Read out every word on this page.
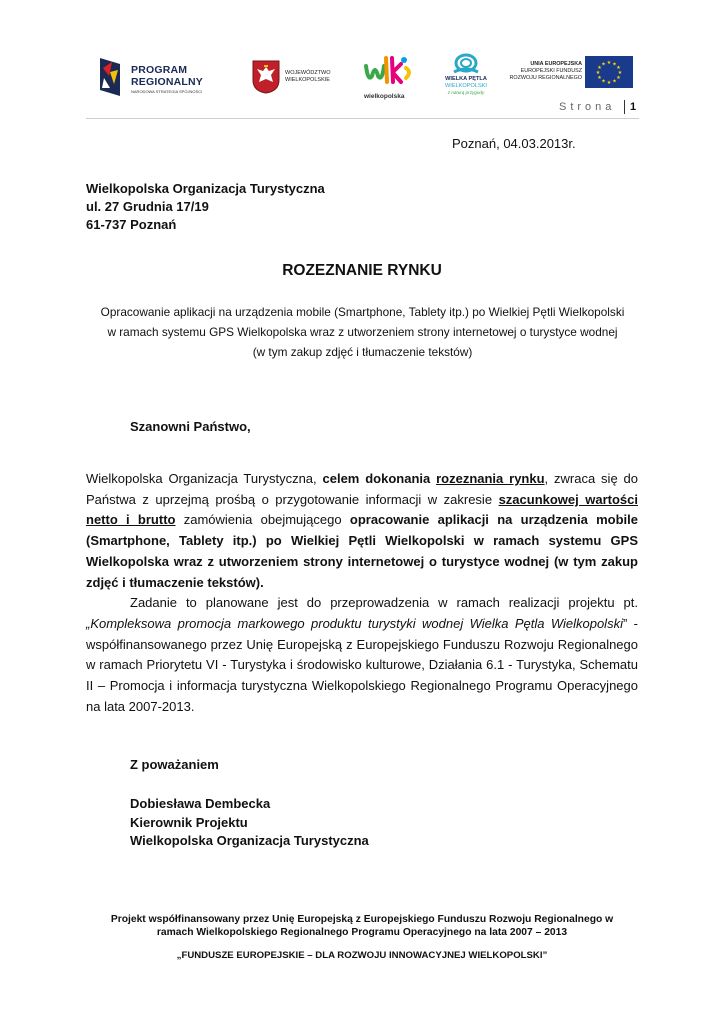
PROGRAM
REGIONALNY
NARODOWA STRATEGIA SPÓJNOŚCI
WOJEWÓDZTWO
WIELKOPOLSKIE
wielkopolska
WIELKA PĘTLA
WIELKOPOLSKI
z naturą przygody
UNIA EUROPEJSKA
EUROPEJSKI FUNDUSZ
ROZWOJU REGIONALNEGO
★ ★
★
★
★
★
★
★
★
★
★
★
Strona 1
Poznań, 04.03.2013r.
Wielkopolska Organizacja Turystyczna
ul. 27 Grudnia 17/19
61-737 Poznań
ROZEZNANIE RYNKU
Opracowanie aplikacji na urządzenia mobile (Smartphone, Tablety itp.) po Wielkiej Pętli Wielkopolski
w ramach systemu GPS Wielkopolska wraz z utworzeniem strony internetowej o turystyce wodnej
(w tym zakup zdjęć i tłumaczenie tekstów)
Szanowni Państwo,
Wielkopolska Organizacja Turystyczna, celem dokonania rozeznania rynku, zwraca się do Państwa z uprzejmą prośbą o przygotowanie informacji w zakresie szacunkowej wartości netto i brutto zamówienia obejmującego opracowanie aplikacji na urządzenia mobile (Smartphone, Tablety itp.) po Wielkiej Pętli Wielkopolski w ramach systemu GPS Wielkopolska wraz z utworzeniem strony internetowej o turystyce wodnej (w tym zakup zdjęć i tłumaczenie tekstów).
Zadanie to planowane jest do przeprowadzenia w ramach realizacji projektu pt. „Kompleksowa promocja markowego produktu turystyki wodnej Wielka Pętla Wielkopolski” - współfinansowanego przez Unię Europejską z Europejskiego Funduszu Rozwoju Regionalnego w ramach Priorytetu VI - Turystyka i środowisko kulturowe, Działania 6.1 - Turystyka, Schematu II – Promocja i informacja turystyczna Wielkopolskiego Regionalnego Programu Operacyjnego na lata 2007-2013.
Z poważaniem
Dobiesława Dembecka
Kierownik Projektu
Wielkopolska Organizacja Turystyczna
Projekt współfinansowany przez Unię Europejską z Europejskiego Funduszu Rozwoju Regionalnego w
ramach Wielkopolskiego Regionalnego Programu Operacyjnego na lata 2007 – 2013
„FUNDUSZE EUROPEJSKIE – DLA ROZWOJU INNOWACYJNEJ WIELKOPOLSKI”
